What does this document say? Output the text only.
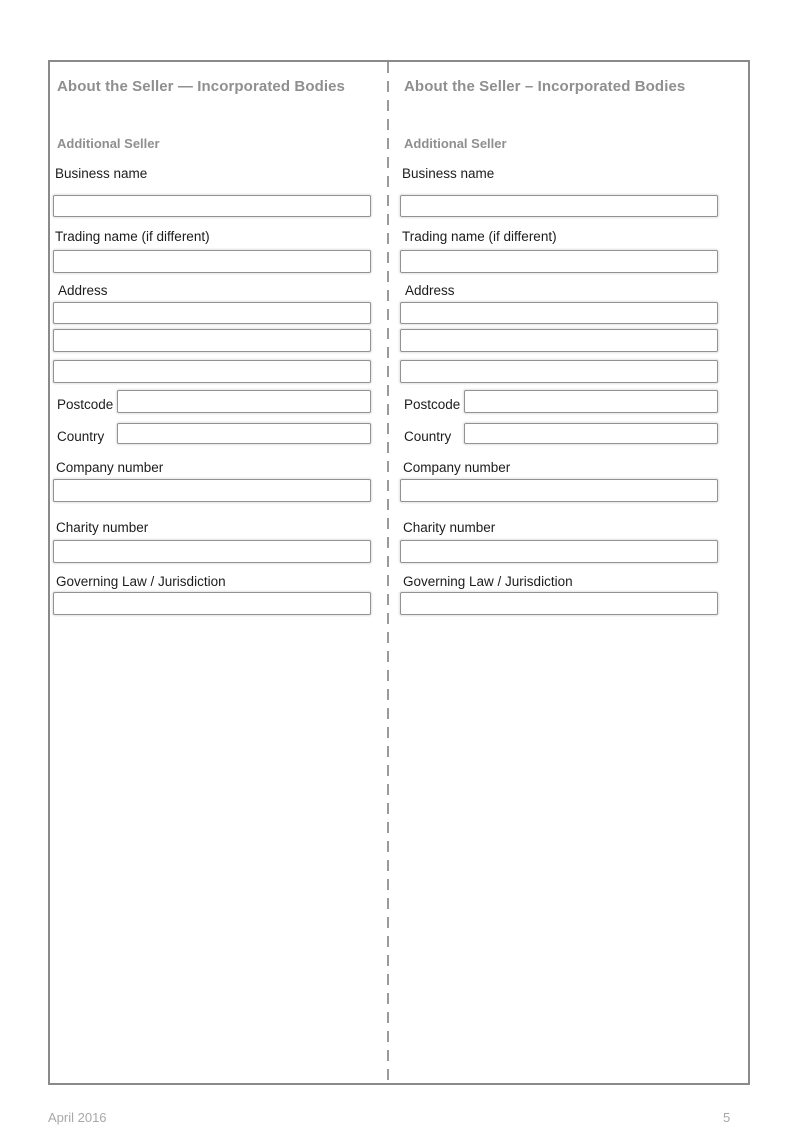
About the Seller — Incorporated Bodies
Additional Seller
Business name
Trading name (if different)
Address
Postcode
Country
Company number
Charity number
Governing Law / Jurisdiction
About the Seller – Incorporated Bodies
Additional Seller
Business name
Trading name (if different)
Address
Postcode
Country
Company number
Charity number
Governing Law / Jurisdiction
April 2016	5
